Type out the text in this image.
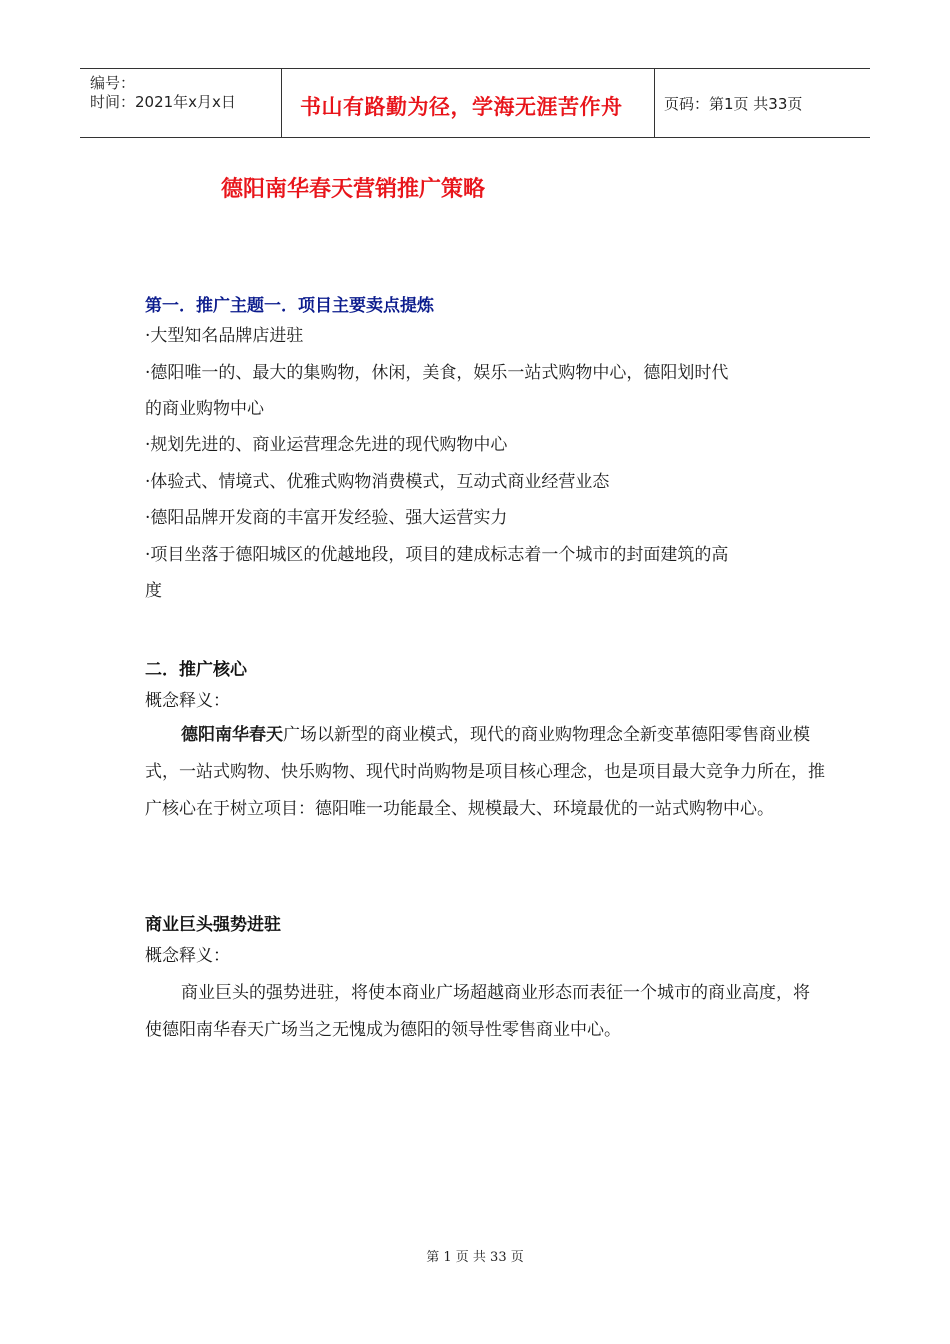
编号：
时间：2021年x月x日	书山有路勤为径，学海无涯苦作舟	页码：第1页 共33页
德阳南华春天营销推广策略
第一．推广主题一．项目主要卖点提炼
·大型知名品牌店进驻
·德阳唯一的、最大的集购物，休闲，美食，娱乐一站式购物中心，德阳划时代
的商业购物中心
·规划先进的、商业运营理念先进的现代购物中心
·体验式、情境式、优雅式购物消费模式，互动式商业经营业态
·德阳品牌开发商的丰富开发经验、强大运营实力
·项目坐落于德阳城区的优越地段，项目的建成标志着一个城市的封面建筑的高
度
二．推广核心
概念释义：
德阳南华春天广场以新型的商业模式，现代的商业购物理念全新变革德阳零售商业模式，一站式购物、快乐购物、现代时尚购物是项目核心理念，也是项目最大竞争力所在，推广核心在于树立项目：德阳唯一功能最全、规模最大、环境最优的一站式购物中心。
商业巨头强势进驻
概念释义：
商业巨头的强势进驻，将使本商业广场超越商业形态而表征一个城市的商业高度，将使德阳南华春天广场当之无愧成为德阳的领导性零售商业中心。
第 1 页 共 33 页
